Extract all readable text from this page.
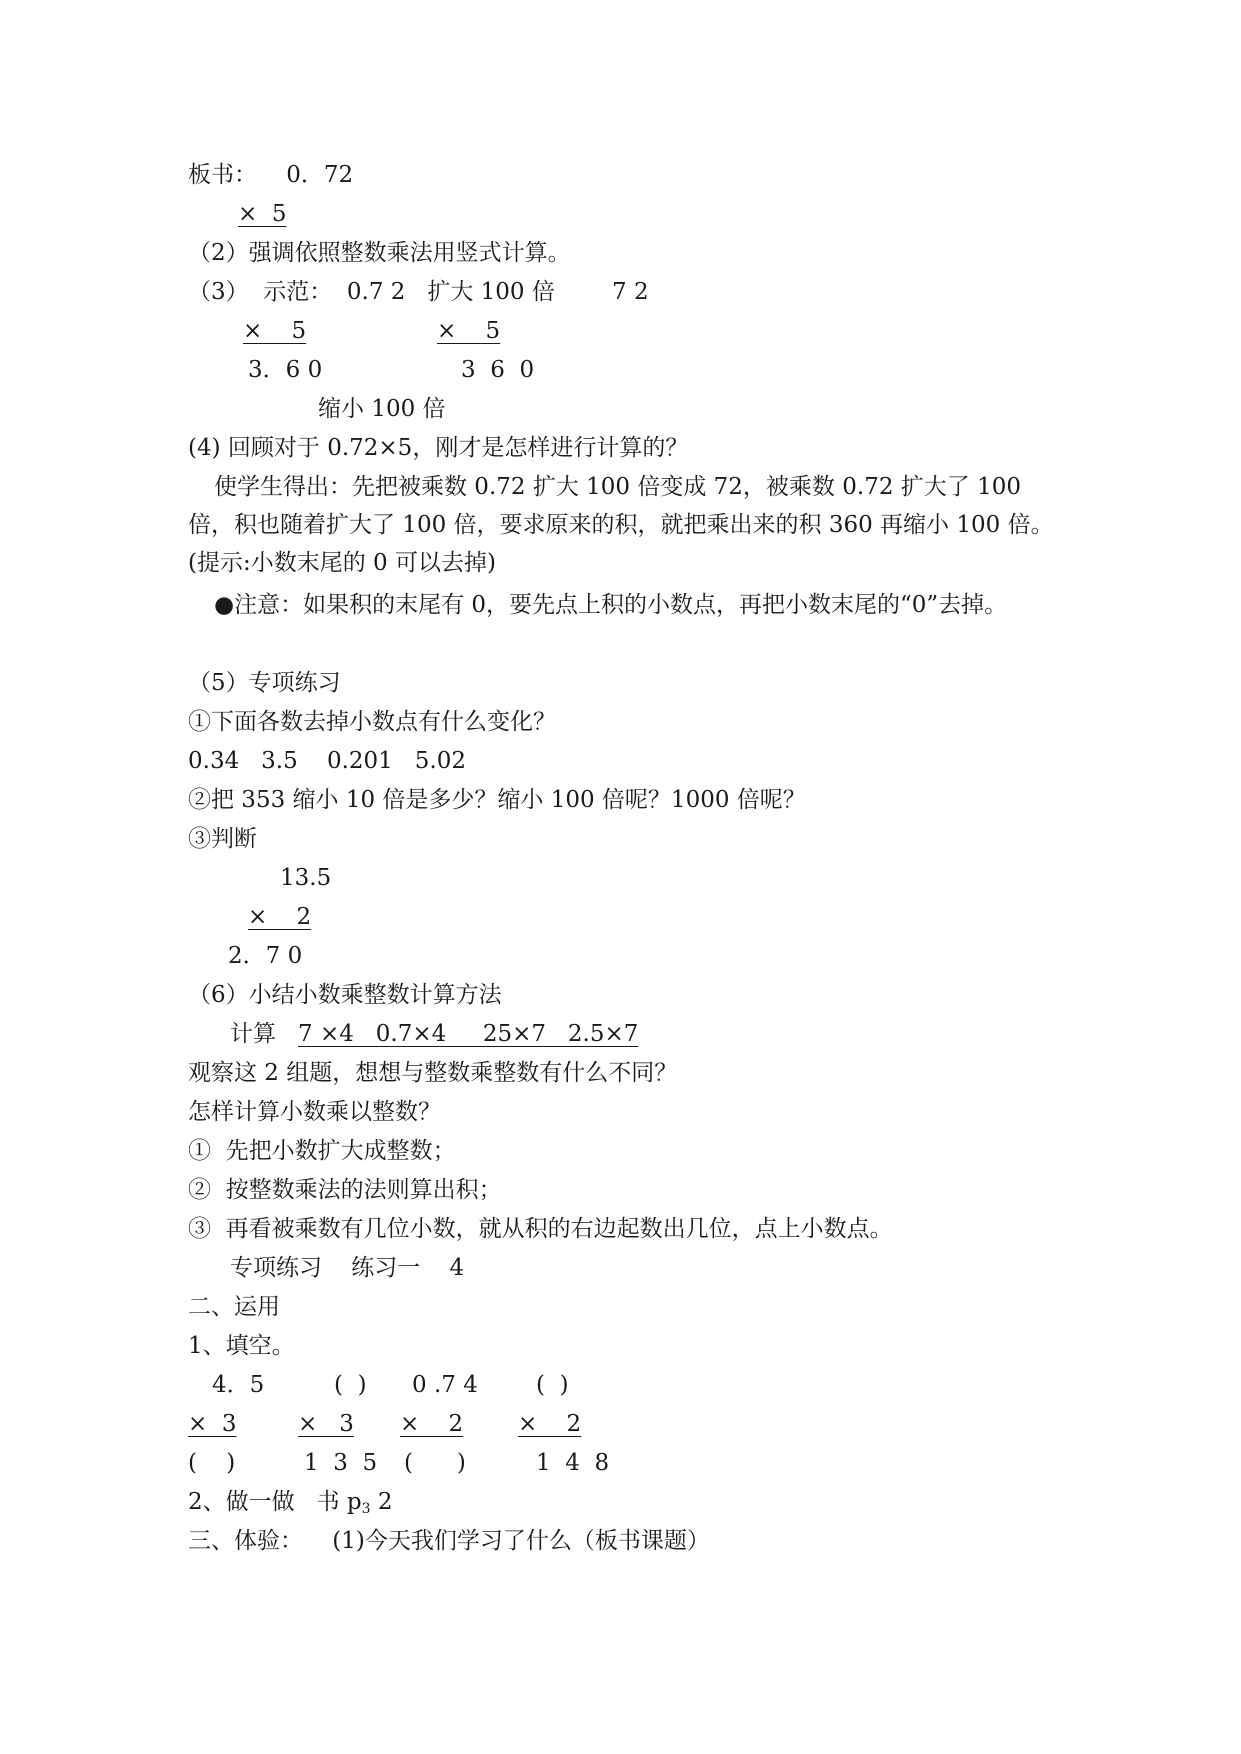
板书：    0．72
×  5
（2）强调依照整数乘法用竖式计算。
（3）  示范：  0.7 2   扩大 100 倍 7 2
×    5	×    5
3．6 0	3  6  0
缩小 100 倍
(4) 回顾对于 0.72×5，刚才是怎样进行计算的？
使学生得出：先把被乘数 0.72 扩大 100 倍变成 72，被乘数 0.72 扩大了 100 倍，积也随着扩大了 100 倍，要求原来的积，就把乘出来的积 360 再缩小 100 倍。(提示:小数末尾的 0 可以去掉)
●注意：如果积的末尾有 0，要先点上积的小数点，再把小数末尾的“0”去掉。
（5）专项练习
①下面各数去掉小数点有什么变化？
0.34   3.5    0.201   5.02
②把 353 缩小 10 倍是多少？缩小 100 倍呢？1000 倍呢？
③判断
13.5
×    2
2．7 0
（6）小结小数乘整数计算方法
计算 7 ×4   0.7×4     25×7   2.5×7
观察这 2 组题，想想与整数乘整数有什么不同？
怎样计算小数乘以整数？
①  先把小数扩大成整数；
②  按整数乘法的法则算出积；
③  再看被乘数有几位小数，就从积的右边起数出几位，点上小数点。
专项练习    练习一    4
二、运用
1、填空。
4．5	(  ) 0 .7 4	(  )
×  3	×   3 ×    2 ×    2
(    )	1  3  5 (      )	1  4  8
2、做一做   书 $p_3$ 2
三、体验：    (1)今天我们学习了什么（板书课题）
